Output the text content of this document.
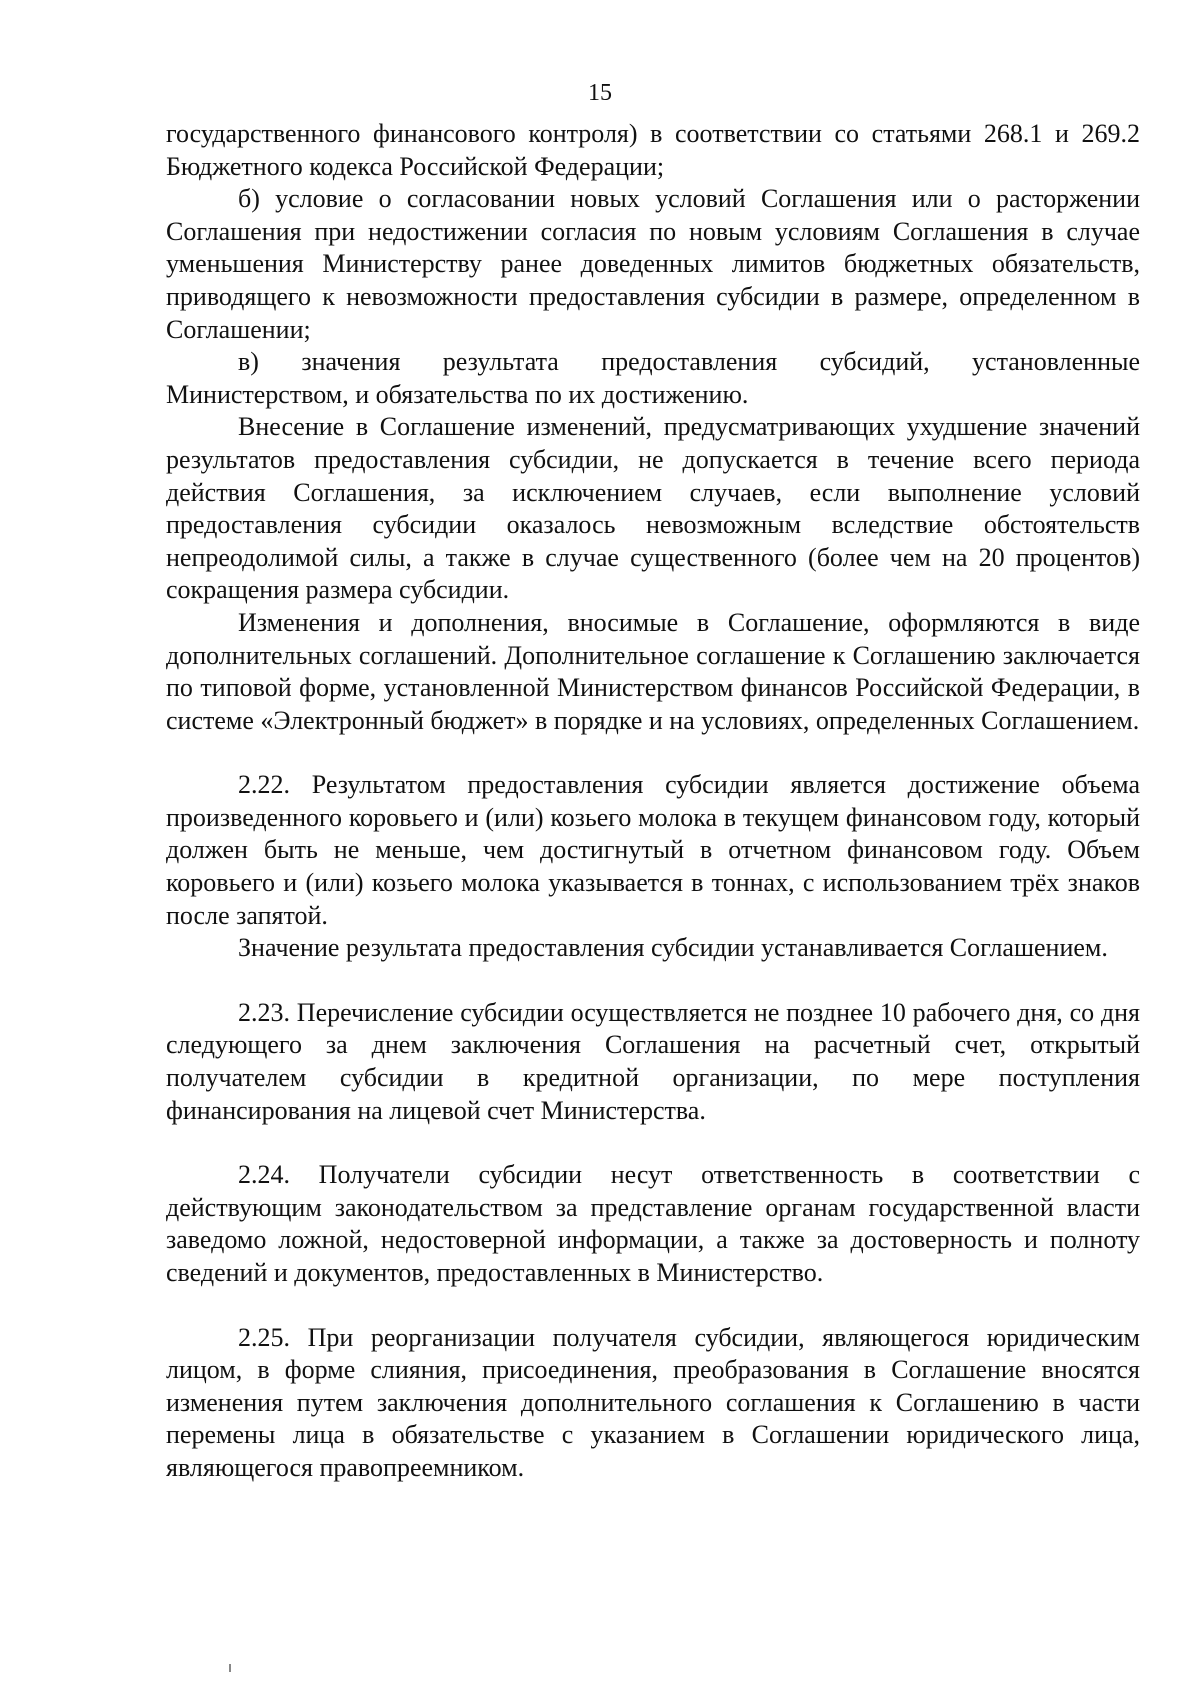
15

государственного финансового контроля) в соответствии со статьями 268.1 и 269.2 Бюджетного кодекса Российской Федерации;

б) условие о согласовании новых условий Соглашения или о расторжении Соглашения при недостижении согласия по новым условиям Соглашения в случае уменьшения Министерству ранее доведенных лимитов бюджетных обязательств, приводящего к невозможности предоставления субсидии в размере, определенном в Соглашении;

в) значения результата предоставления субсидий, установленные Министерством, и обязательства по их достижению.

Внесение в Соглашение изменений, предусматривающих ухудшение значений результатов предоставления субсидии, не допускается в течение всего периода действия Соглашения, за исключением случаев, если выполнение условий предоставления субсидии оказалось невозможным вследствие обстоятельств непреодолимой силы, а также в случае существенного (более чем на 20 процентов) сокращения размера субсидии.

Изменения и дополнения, вносимые в Соглашение, оформляются в виде дополнительных соглашений. Дополнительное соглашение к Соглашению заключается по типовой форме, установленной Министерством финансов Российской Федерации, в системе «Электронный бюджет» в порядке и на условиях, определенных Соглашением.

2.22. Результатом предоставления субсидии является достижение объема произведенного коровьего и (или) козьего молока в текущем финансовом году, который должен быть не меньше, чем достигнутый в отчетном финансовом году. Объем коровьего и (или) козьего молока указывается в тоннах, с использованием трёх знаков после запятой.

Значение результата предоставления субсидии устанавливается Соглашением.

2.23. Перечисление субсидии осуществляется не позднее 10 рабочего дня, со дня следующего за днем заключения Соглашения на расчетный счет, открытый получателем субсидии в кредитной организации, по мере поступления финансирования на лицевой счет Министерства.

2.24. Получатели субсидии несут ответственность в соответствии с действующим законодательством за представление органам государственной власти заведомо ложной, недостоверной информации, а также за достоверность и полноту сведений и документов, предоставленных в Министерство.

2.25. При реорганизации получателя субсидии, являющегося юридическим лицом, в форме слияния, присоединения, преобразования в Соглашение вносятся изменения путем заключения дополнительного соглашения к Соглашению в части перемены лица в обязательстве с указанием в Соглашении юридического лица, являющегося правопреемником.
